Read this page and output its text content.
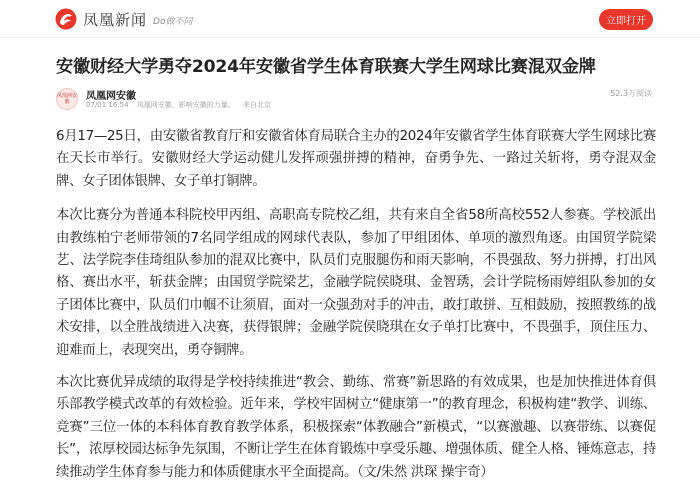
凤凰新闻 Do做不同	立即打开
安徽财经大学勇夺2024年安徽省学生体育联赛大学生网球比赛混双金牌
凤凰网安徽	凤凰网安徽
07/01 16:54 凤凰网安徽，影响安徽的力量。 来自北京
52.3万阅读

6月17—25日，由安徽省教育厅和安徽省体育局联合主办的2024年安徽省学生体育联赛大学生网球比赛在天长市举行。安徽财经大学运动健儿发挥顽强拼搏的精神，奋勇争先、一路过关斩将，勇夺混双金牌、女子团体银牌、女子单打铜牌。

本次比赛分为普通本科院校甲丙组、高职高专院校乙组，共有来自全省58所高校552人参赛。学校派出由教练柏宁老师带领的7名同学组成的网球代表队，参加了甲组团体、单项的激烈角逐。由国贸学院梁艺、法学院李佳琦组队参加的混双比赛中，队员们克服腿伤和雨天影响，不畏强敌、努力拼搏，打出风格、赛出水平，斩获金牌；由国贸学院梁艺，金融学院侯晓琪、金智琇，会计学院杨雨婷组队参加的女子团体比赛中，队员们巾帼不让须眉，面对一众强劲对手的冲击，敢打敢拼、互相鼓励，按照教练的战术安排，以全胜战绩进入决赛，获得银牌；金融学院侯晓琪在女子单打比赛中，不畏强手，顶住压力、迎难而上，表现突出，勇夺铜牌。

本次比赛优异成绩的取得是学校持续推进“教会、勤练、常赛”新思路的有效成果，也是加快推进体育俱乐部教学模式改革的有效检验。近年来，学校牢固树立“健康第一”的教育理念，积极构建“教学、训练、竞赛”三位一体的本科体育教育教学体系，积极探索“体教融合”新模式，“以赛激趣、以赛带练、以赛促长”，浓厚校园达标争先氛围，不断让学生在体育锻炼中享受乐趣、增强体质、健全人格、锤炼意志，持续推动学生体育参与能力和体质健康水平全面提高。（文/朱然 洪琛 操宇奇）
